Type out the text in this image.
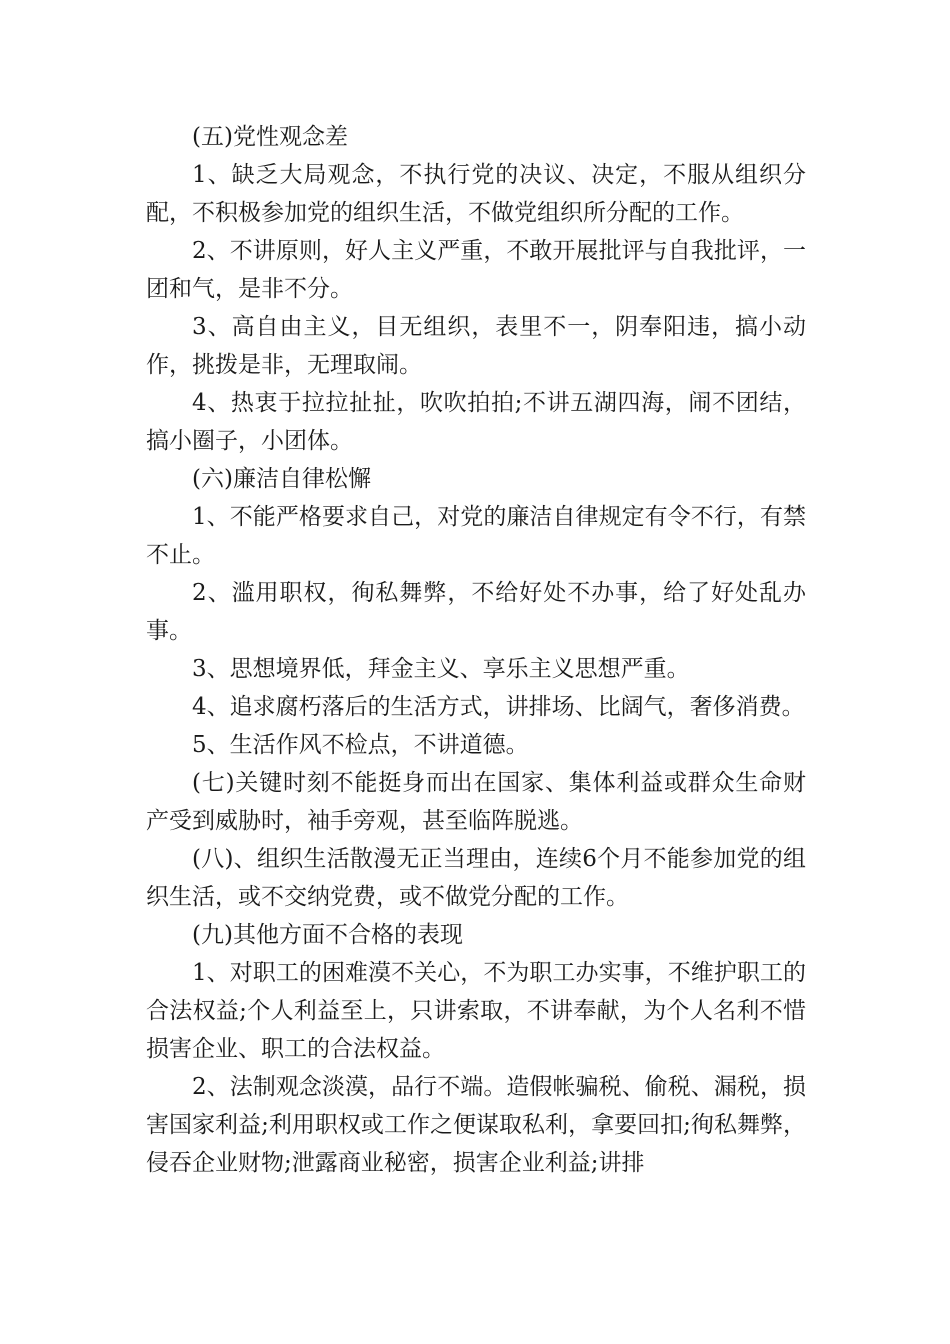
(五)党性观念差

1、缺乏大局观念，不执行党的决议、决定，不服从组织分配，不积极参加党的组织生活，不做党组织所分配的工作。

2、不讲原则，好人主义严重，不敢开展批评与自我批评，一团和气，是非不分。

3、高自由主义，目无组织，表里不一，阴奉阳违，搞小动作，挑拨是非，无理取闹。

4、热衷于拉拉扯扯，吹吹拍拍;不讲五湖四海，闹不团结，搞小圈子，小团体。

(六)廉洁自律松懈

1、不能严格要求自己，对党的廉洁自律规定有令不行，有禁不止。

2、滥用职权，徇私舞弊，不给好处不办事，给了好处乱办事。

3、思想境界低，拜金主义、享乐主义思想严重。

4、追求腐朽落后的生活方式，讲排场、比阔气，奢侈消费。

5、生活作风不检点，不讲道德。

(七)关键时刻不能挺身而出在国家、集体利益或群众生命财产受到威胁时，袖手旁观，甚至临阵脱逃。

(八)、组织生活散漫无正当理由，连续6个月不能参加党的组织生活，或不交纳党费，或不做党分配的工作。

(九)其他方面不合格的表现

1、对职工的困难漠不关心，不为职工办实事，不维护职工的合法权益;个人利益至上，只讲索取，不讲奉献，为个人名利不惜损害企业、职工的合法权益。

2、法制观念淡漠，品行不端。造假帐骗税、偷税、漏税，损害国家利益;利用职权或工作之便谋取私利，拿要回扣;徇私舞弊，侵吞企业财物;泄露商业秘密，损害企业利益;讲排
